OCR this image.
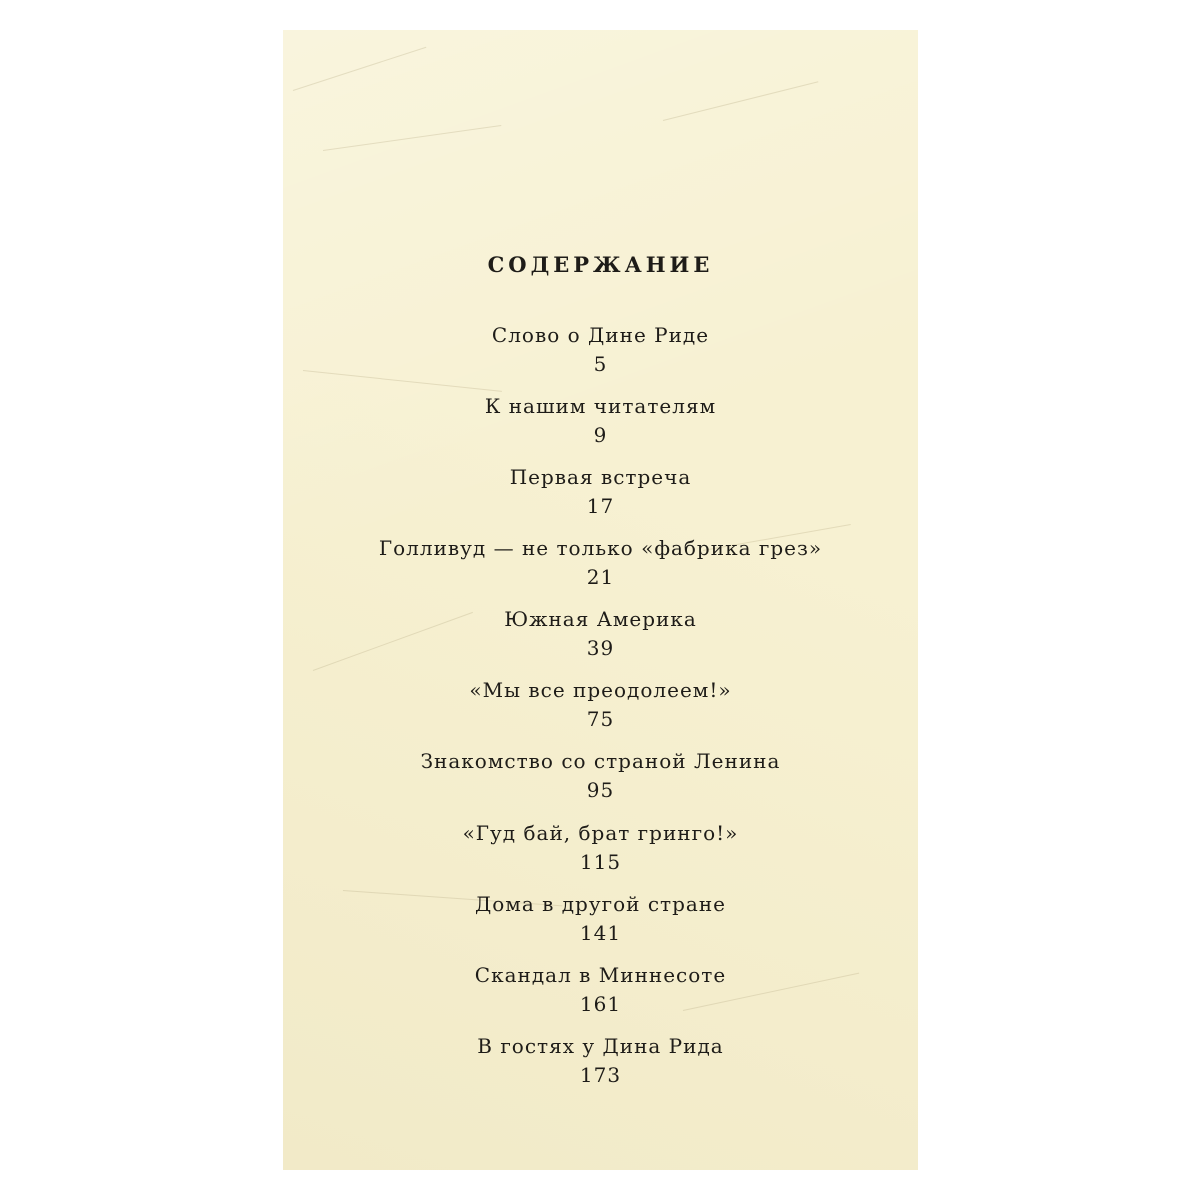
СОДЕРЖАНИЕ
Слово о Дине Риде
5
К нашим читателям
9
Первая встреча
17
Голливуд — не только «фабрика грез»
21
Южная Америка
39
«Мы все преодолеем!»
75
Знакомство со страной Ленина
95
«Гуд бай, брат гринго!»
115
Дома в другой стране
141
Скандал в Миннесоте
161
В гостях у Дина Рида
173
